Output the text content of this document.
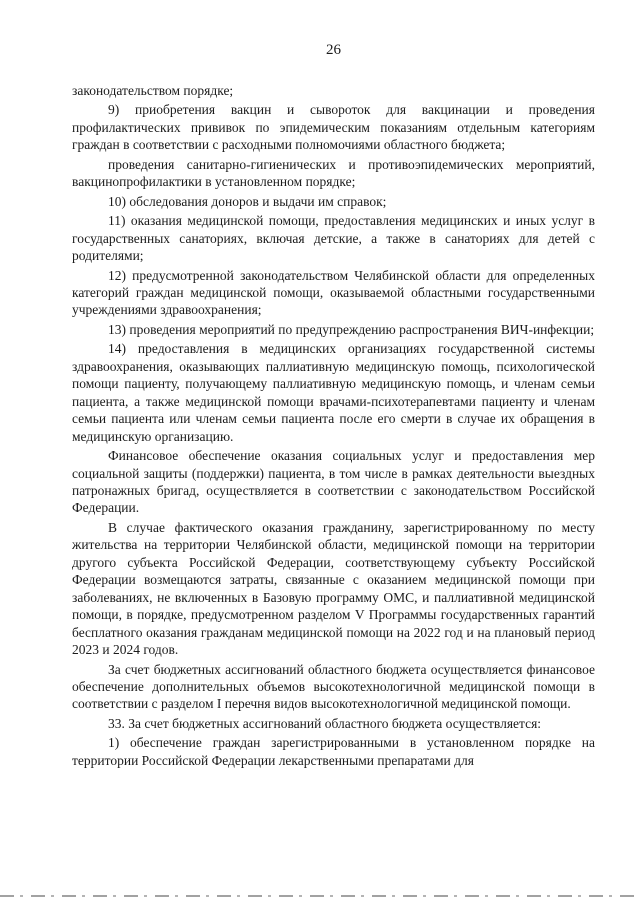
26

законодательством порядке;

9) приобретения вакцин и сывороток для вакцинации и проведения профилактических прививок по эпидемическим показаниям отдельным категориям граждан в соответствии с расходными полномочиями областного бюджета;

проведения санитарно-гигиенических и противоэпидемических мероприятий, вакцинопрофилактики в установленном порядке;

10) обследования доноров и выдачи им справок;

11) оказания медицинской помощи, предоставления медицинских и иных услуг в государственных санаториях, включая детские, а также в санаториях для детей с родителями;

12) предусмотренной законодательством Челябинской области для определенных категорий граждан медицинской помощи, оказываемой областными государственными учреждениями здравоохранения;

13) проведения мероприятий по предупреждению распространения ВИЧ-инфекции;

14) предоставления в медицинских организациях государственной системы здравоохранения, оказывающих паллиативную медицинскую помощь, психологической помощи пациенту, получающему паллиативную медицинскую помощь, и членам семьи пациента, а также медицинской помощи врачами-психотерапевтами пациенту и членам семьи пациента или членам семьи пациента после его смерти в случае их обращения в медицинскую организацию.

Финансовое обеспечение оказания социальных услуг и предоставления мер социальной защиты (поддержки) пациента, в том числе в рамках деятельности выездных патронажных бригад, осуществляется в соответствии с законодательством Российской Федерации.

В случае фактического оказания гражданину, зарегистрированному по месту жительства на территории Челябинской области, медицинской помощи на территории другого субъекта Российской Федерации, соответствующему субъекту Российской Федерации возмещаются затраты, связанные с оказанием медицинской помощи при заболеваниях, не включенных в Базовую программу ОМС, и паллиативной медицинской помощи, в порядке, предусмотренном разделом V Программы государственных гарантий бесплатного оказания гражданам медицинской помощи на 2022 год и на плановый период 2023 и 2024 годов.

За счет бюджетных ассигнований областного бюджета осуществляется финансовое обеспечение дополнительных объемов высокотехнологичной медицинской помощи в соответствии с разделом I перечня видов высокотехнологичной медицинской помощи.

33. За счет бюджетных ассигнований областного бюджета осуществляется:

1) обеспечение граждан зарегистрированными в установленном порядке на территории Российской Федерации лекарственными препаратами для
